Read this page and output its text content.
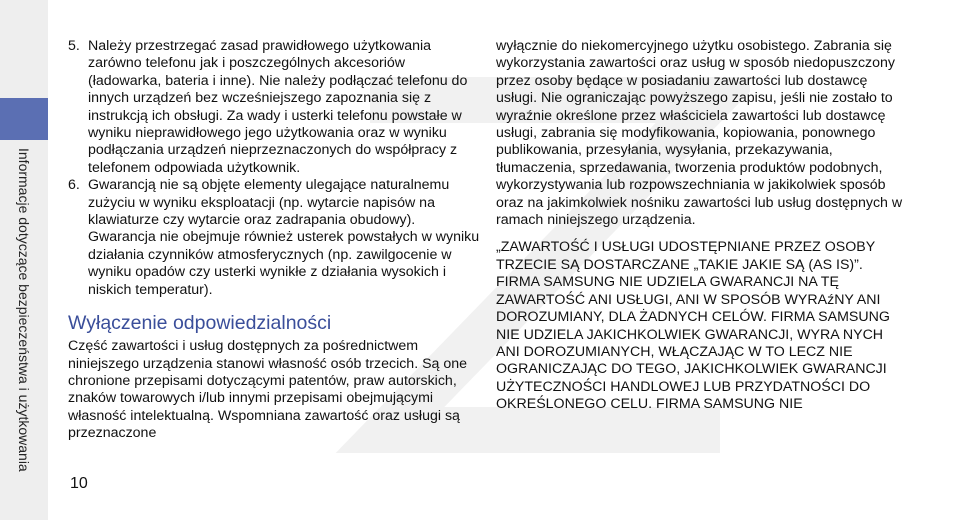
Informacje dotyczące bezpieczeństwa i użytkowania
5. Należy przestrzegać zasad prawidłowego użytkowania zarówno telefonu jak i poszczególnych akcesoriów (ładowarka, bateria i inne). Nie należy podłączać telefonu do innych urządzeń bez wcześniejszego zapoznania się z instrukcją ich obsługi. Za wady i usterki telefonu powstałe w wyniku nieprawidłowego jego użytkowania oraz w wyniku podłączania urządzeń nieprzeznaczonych do współpracy z telefonem odpowiada użytkownik.
6. Gwarancją nie są objęte elementy ulegające naturalnemu zużyciu w wyniku eksploatacji (np. wytarcie napisów na klawiaturze czy wytarcie oraz zadrapania obudowy). Gwarancja nie obejmuje również usterek powstałych w wyniku działania czynników atmosferycznych (np. zawilgocenie w wyniku opadów czy usterki wynikłe z działania wysokich i niskich temperatur).
Wyłączenie odpowiedzialności

Część zawartości i usług dostępnych za pośrednictwem niniejszego urządzenia stanowi własność osób trzecich. Są one chronione przepisami dotyczącymi patentów, praw autorskich, znaków towarowych i/lub innymi przepisami obejmującymi własność intelektualną. Wspomniana zawartość oraz usługi są przeznaczone

wyłącznie do niekomercyjnego użytku osobistego. Zabrania się wykorzystania zawartości oraz usług w sposób niedopuszczony przez osoby będące w posiadaniu zawartości lub dostawcę usługi. Nie ograniczając powyższego zapisu, jeśli nie zostało to wyraźnie określone przez właściciela zawartości lub dostawcę usługi, zabrania się modyfikowania, kopiowania, ponownego publikowania, przesyłania, wysyłania, przekazywania, tłumaczenia, sprzedawania, tworzenia produktów podobnych, wykorzystywania lub rozpowszechniania w jakikolwiek sposób oraz na jakimkolwiek nośniku zawartości lub usług dostępnych w ramach niniejszego urządzenia.

„ZAWARTOŚĆ I USŁUGI UDOSTĘPNIANE PRZEZ OSOBY TRZECIE SĄ DOSTARCZANE „TAKIE JAKIE SĄ (AS IS)”. FIRMA SAMSUNG NIE UDZIELA GWARANCJI NA TĘ ZAWARTOŚĆ ANI USŁUGI, ANI W SPOSÓB WYRAźNY ANI DOROZUMIANY, DLA ŻADNYCH CELÓW. FIRMA SAMSUNG NIE UDZIELA JAKICHKOLWIEK GWARANCJI, WYRA NYCH ANI DOROZUMIANYCH, WŁĄCZAJĄC W TO LECZ NIE OGRANICZAJĄC DO TEGO, JAKICHKOLWIEK GWARANCJI UŻYTECZNOŚCI HANDLOWEJ LUB PRZYDATNOŚCI DO OKREŚLONEGO CELU. FIRMA SAMSUNG NIE

10
